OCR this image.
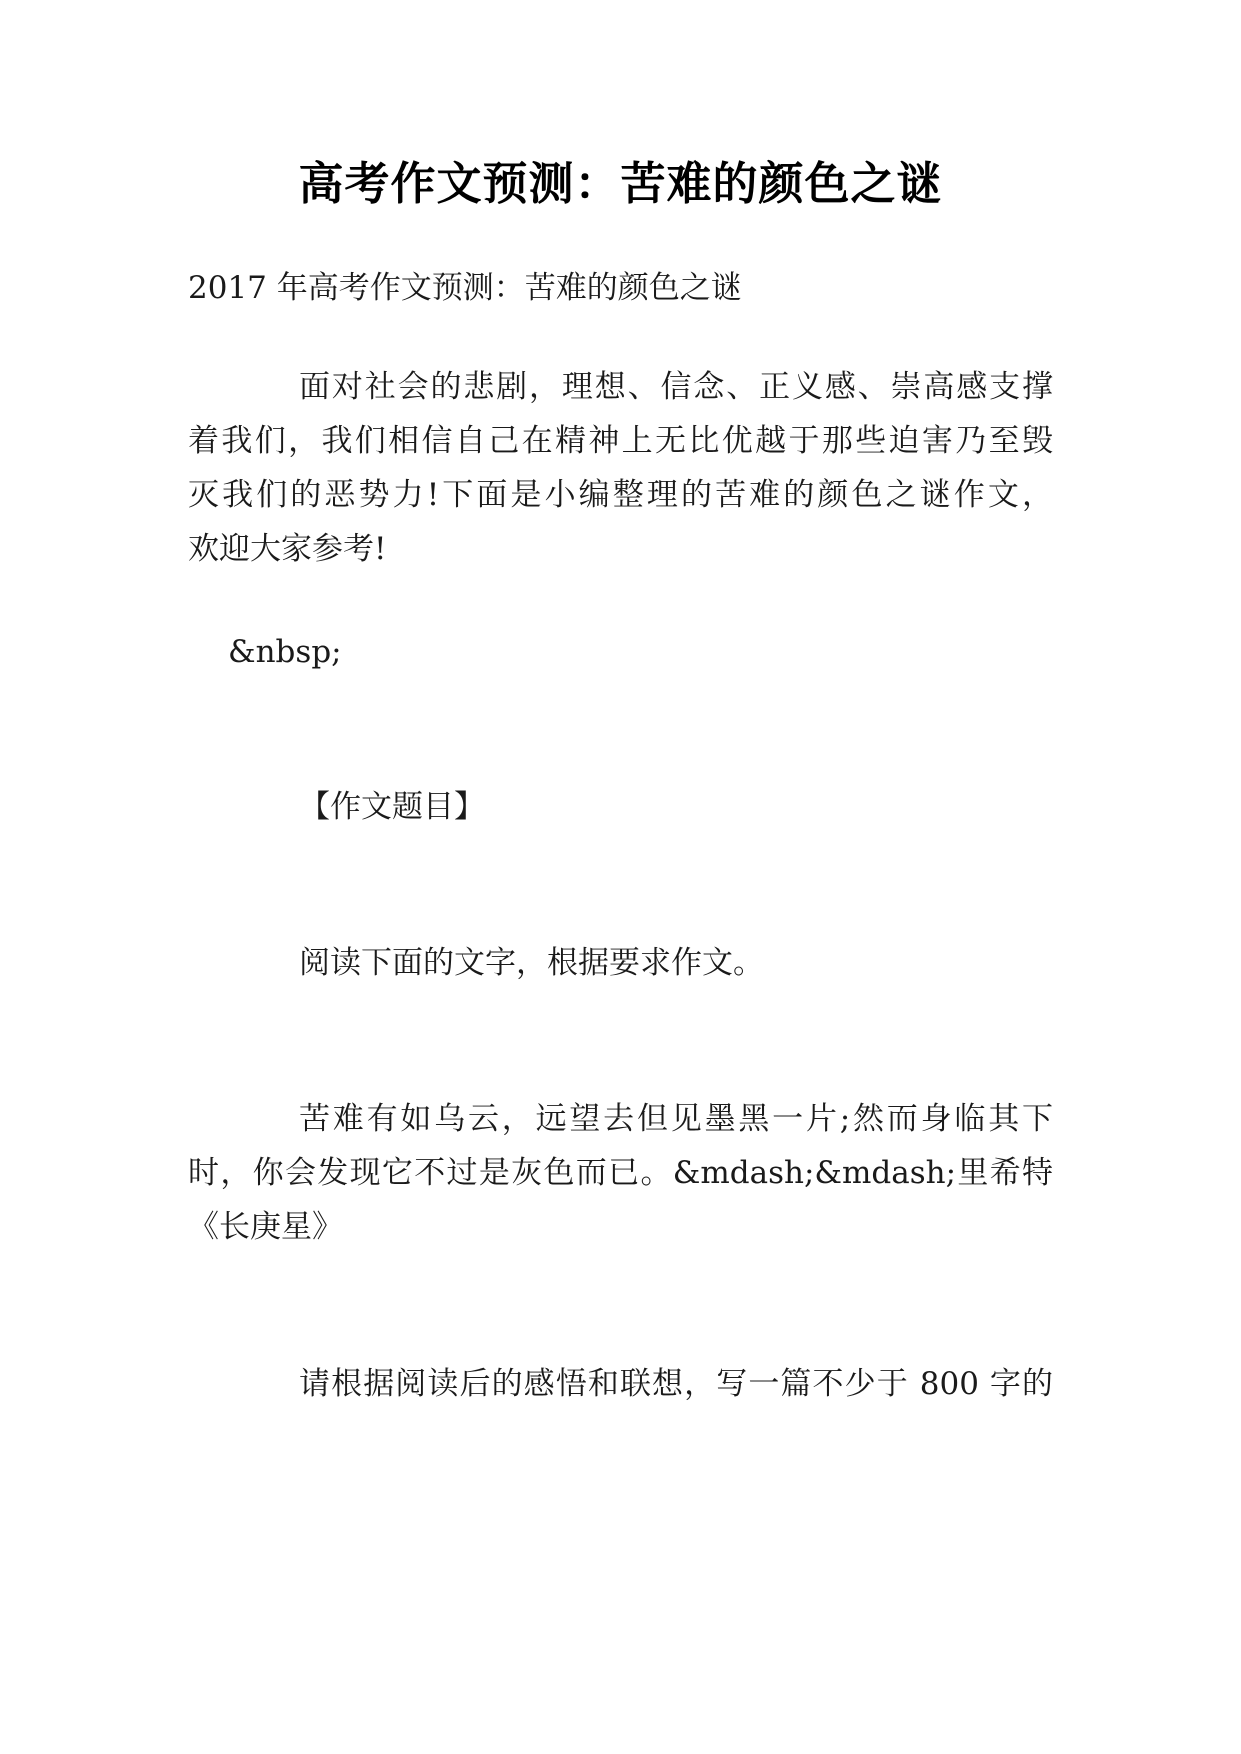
高考作文预测：苦难的颜色之谜
2017 年高考作文预测：苦难的颜色之谜
面对社会的悲剧，理想、信念、正义感、崇高感支撑
着我们，我们相信自己在精神上无比优越于那些迫害乃至毁
灭我们的恶势力!下面是小编整理的苦难的颜色之谜作文，
欢迎大家参考!
&nbsp;
【作文题目】
阅读下面的文字，根据要求作文。
苦难有如乌云，远望去但见墨黑一片;然而身临其下
时，你会发现它不过是灰色而已。&mdash;&mdash;里希特
《长庚星》
请根据阅读后的感悟和联想，写一篇不少于 800 字的
